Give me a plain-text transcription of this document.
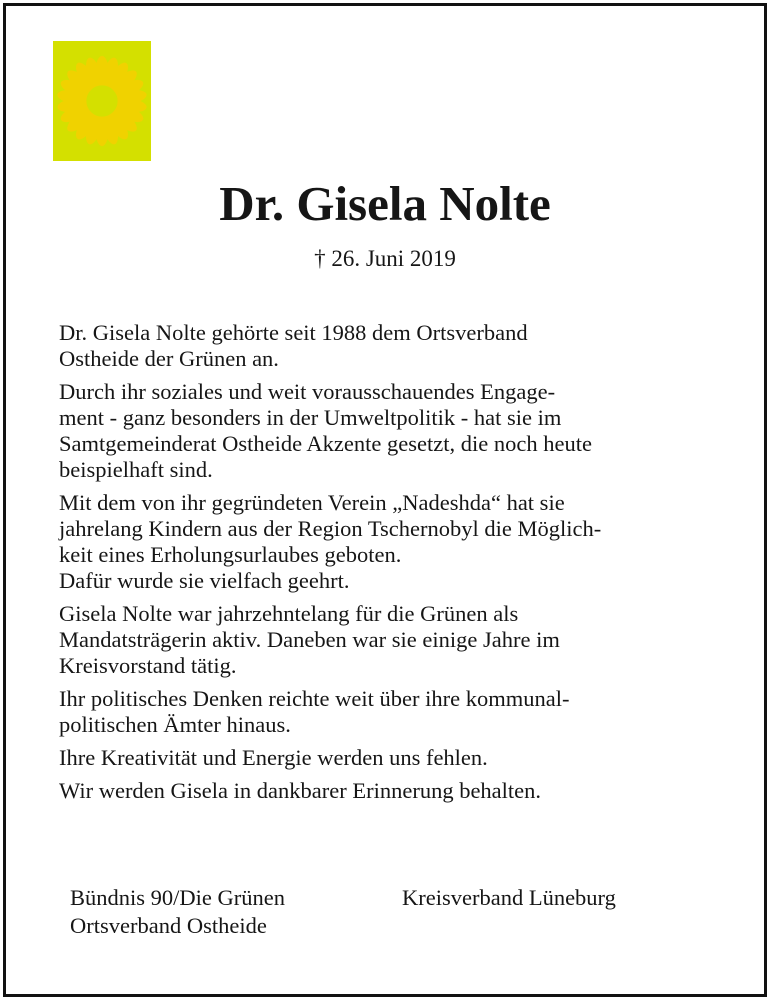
Dr. Gisela Nolte
† 26. Juni 2019

Dr. Gisela Nolte gehörte seit 1988 dem Ortsverband
Ostheide der Grünen an.

Durch ihr soziales und weit vorausschauendes Engage-
ment - ganz besonders in der Umweltpolitik - hat sie im
Samtgemeinderat Ostheide Akzente gesetzt, die noch heute
beispielhaft sind.

Mit dem von ihr gegründeten Verein „Nadeshda“ hat sie
jahrelang Kindern aus der Region Tschernobyl die Möglich-
keit eines Erholungsurlaubes geboten.
Dafür wurde sie vielfach geehrt.

Gisela Nolte war jahrzehntelang für die Grünen als
Mandatsträgerin aktiv. Daneben war sie einige Jahre im
Kreisvorstand tätig.

Ihr politisches Denken reichte weit über ihre kommunal-
politischen Ämter hinaus.

Ihre Kreativität und Energie werden uns fehlen.

Wir werden Gisela in dankbarer Erinnerung behalten.

Bündnis 90/Die Grünen
Ortsverband Ostheide
Kreisverband Lüneburg
